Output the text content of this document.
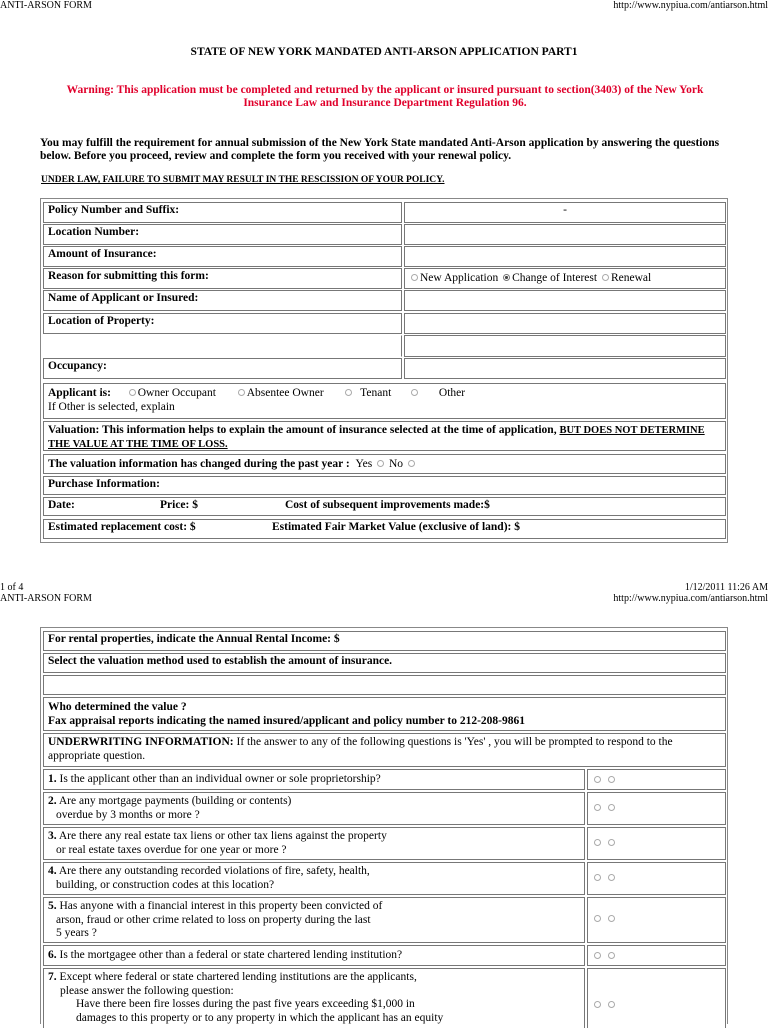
ANTI-ARSON FORM	http://www.nypiua.com/antiarson.html
STATE OF NEW YORK MANDATED ANTI-ARSON APPLICATION PART1
Warning: This application must be completed and returned by the applicant or insured pursuant to section(3403) of the New York Insurance Law and Insurance Department Regulation 96.
You may fulfill the requirement for annual submission of the New York State mandated Anti-Arson application by answering the questions below. Before you proceed, review and complete the form you received with your renewal policy.
UNDER LAW, FAILURE TO SUBMIT MAY RESULT IN THE RESCISSION OF YOUR POLICY.
Policy Number and Suffix:	-
Location Number:
Amount of Insurance:
Reason for submitting this form:	New Application Change of Interest Renewal
Name of Applicant or Insured:
Location of Property:
Occupancy:
Applicant is: Owner Occupant	Absentee Owner	Tenant	Other
If Other is selected, explain
Valuation: This information helps to explain the amount of insurance selected at the time of application, BUT DOES NOT DETERMINE THE VALUE AT THE TIME OF LOSS.
The valuation information has changed during the past year : Yes No
Purchase Information:
Date:	Price: $	Cost of subsequent improvements made:$
Estimated replacement cost: $	Estimated Fair Market Value (exclusive of land): $
1 of 4	1/12/2011 11:26 AM
ANTI-ARSON FORM	http://www.nypiua.com/antiarson.html
For rental properties, indicate the Annual Rental Income: $
Select the valuation method used to establish the amount of insurance.
Who determined the value ?
Fax appraisal reports indicating the named insured/applicant and policy number to 212-208-9861
UNDERWRITING INFORMATION: If the answer to any of the following questions is 'Yes' , you will be prompted to respond to the appropriate question.
1. Is the applicant other than an individual owner or sole proprietorship?

2. Are any mortgage payments (building or contents)
overdue by 3 months or more ?

3. Are there any real estate tax liens or other tax liens against the property
or real estate taxes overdue for one year or more ?

4. Are there any outstanding recorded violations of fire, safety, health,
building, or construction codes at this location?

5. Has anyone with a financial interest in this property been convicted of
arson, fraud or other crime related to loss on property during the last
5 years ?

6. Is the mortgagee other than a federal or state chartered lending institution?

7. Except where federal or state chartered lending institutions are the applicants,
please answer the following question:
Have there been fire losses during the past five years exceeding $1,000 in
damages to this property or to any property in which the applicant has an equity
